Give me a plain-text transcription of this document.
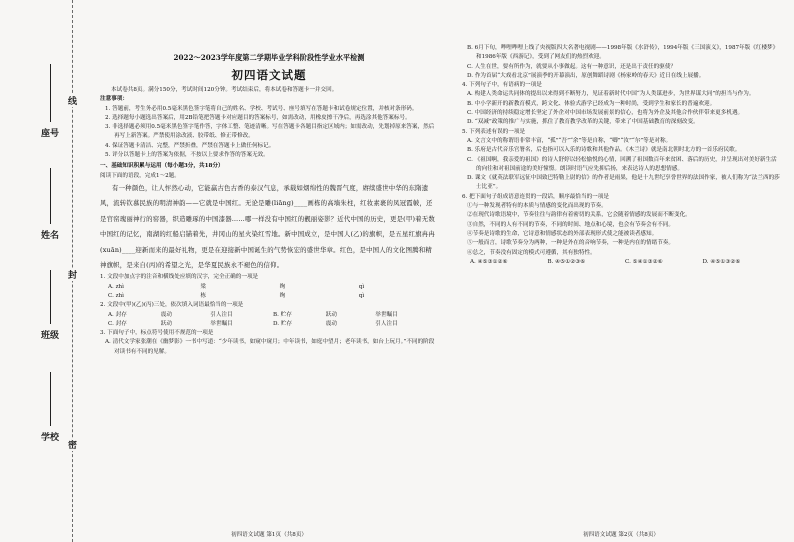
座号
姓名
班级
学校
线
封
密
2022～2023学年度第二学期毕业学科阶段性学业水平检测
初四语文试题

本试卷共8页。满分150分，考试时间120分钟。考试结束后，将本试卷和答题卡一并交回。

注意事项：

1. 答题前，考生务必用0.5毫米黑色签字笔将自己的姓名、学校、考试号、座号填写在答题卡和试卷规定位置，并核对条形码。

2. 选择题每小题选出答案后，用2B铅笔把答题卡对应题目的答案标号，如需改动，用橡皮擦干净后，再选涂其他答案标号。

3. 非选择题必须用0.5毫米黑色签字笔作答，字体工整、笔迹清晰。写在答题卡各题目指定区域内；如需改动，先划掉原来答案，然后再写上新答案。严禁使用涂改液、胶带纸、修正带修改。

4. 保证答题卡清洁、完整，严禁折叠，严禁在答题卡上做任何标记。

5. 评分以答题卡上的答案为依据，不按以上要求作答的答案无效。

一、基础知识积累与运用（每小题3分，共18分）

阅读下面的语段，完成1～2题。

有一种颜色，让人怦然心动，它能赢古色古香的泰汉气息，承载如烟绵性的魏晋气度，赓续盛世中华的东隋遗风，流转钦慕民族的明清神韵——它就是中国红。无论是雕(liāng)____画栋的高墙朱柱，红妆素裹的凤冠霞帔，还是官窑瑰丽神行的窑器，织造雕琢的中国漆器……哪一样没有中国红的靓丽姿影？近代中国的历史，更是(甲)着无数中国红的记忆，南湖的红船启锚着先，井冈山的星火染红雪地。新中国成立，是中国人(乙)的旗帜，是五星红旗冉冉(xuān)____迎新而来的最好礼物，更是在迎接新中国诞生的气势恢宏的盛世华章。红色，是中国人的文化图腾和精神旗帜，是来自(丙)的希望之光，是华夏民族永不褪色的信仰。

1. 文段中加点字的注音和横线处应填的汉字，完全正确的一项是

A. zhì	梁	绚	qì
C. zhì	栋	绚	qì

2. 文段中(甲)(乙)(丙)三处，依次填入词语最恰当的一项是

A. 封存	震动	引人注目	B. 贮存	跃动	举世瞩目
C. 封存	跃动	举世瞩目	D. 贮存	震动	引人注目

3. 下面句子中，标点符号使用不规范的一项是

A. 清代文学家张潮在《幽梦影》一书中写道：“少年读书，如窥中窥月；中年读书，如庭中望月；老年读书，如台上玩月。”不同的阶段对读书有不同的见解。

初四语文试题 第1页（共8页）

B. 6月下旬，哔哩哔哩上线了央视版四大名著电视剧——1998年版《水浒传》，1994年版《三国演义》，1987年版《红楼梦》和1986年版《西游记》，受到了网友们的热烈欢迎。

C. 人生在世，要有所作为，就要从小事做起。这有一种意识，还是出于责任的驱使？

D. 作为首届“大戏看北京”展演季的开幕演出，原创舞蹈诗剧《杨家岭的春天》近日在线上展播。

4. 下列句子中，有语病的一项是

A. 构建人类命运共同体的提出以来得到不断努力，见证着新时代中国“为人类谋进步，为世界谋大同”的担当与作为。

B. 中小学新开的新教育模式，跨文化、体验式游学已经成为一种时尚，受到学生和家长的普遍欢迎。

C. 中国经济的持续稳定增长坚定了外企对中国市场发展前景的信心，也将为外企及其他合作伙伴带来更多机遇。

D. “双减”政策的推广与实施，抓住了教育教学改革的关键，带来了中国基础教育的深刻改变。

5. 下列表述有误的一项是

A. 文言文中的称谓语非常丰富，“孤”“吾”“余”等是自称，“卿”“汝”“尔”等是对称。

B. 乐府是古代音乐官署名，后也指可以入乐的诗歌和其他作品。《木兰诗》就是南北朝时北方的一首乐府民歌。

C. 《祖国啊，我亲爱的祖国》的诗人舒婷以轻松愉悦的心情，回溯了祖国数百年来贫困、落后的历史，并呈现出对美好新生活的向往和对祖国前途的美好憧憬。朗读时语气应先抑后扬，来表达诗人的思想情感。

D. 课文《就英法联军远征中国致巴特勒上尉的信》的作者是雨果，他是十九世纪享誉世界的法国作家，被人们称为“法兰西的莎士比亚”。

6. 把下面句子组成语意连贯的一段话，顺序最恰当的一项是

①与一种发现者特有的本质与情感的变化而出现的节奏。

②在现代诗歌语境中，节奏往往与韵律有着密切的关系，它会随着情感的发展而不断变化。

③自然，不同的人有不同的节奏，不同的时间、地点和心境，也会有节奏会有不同。

④节奏是诗歌的生命，它诗意和情感状态的外部表现形式使之能被读者感知。

⑤一般而言，诗歌节奏分为两种，一种是外在的音响节奏，一种是内在的情绪节奏。

⑥总之，节奏没有固定的模式可遵循，其有独特性。

A. ④⑤③①②⑥	B. ④⑤①②③⑥	C. ⑤④①③②⑥	D. ④⑤①③②⑥
初四语文试题 第2页（共8页）
